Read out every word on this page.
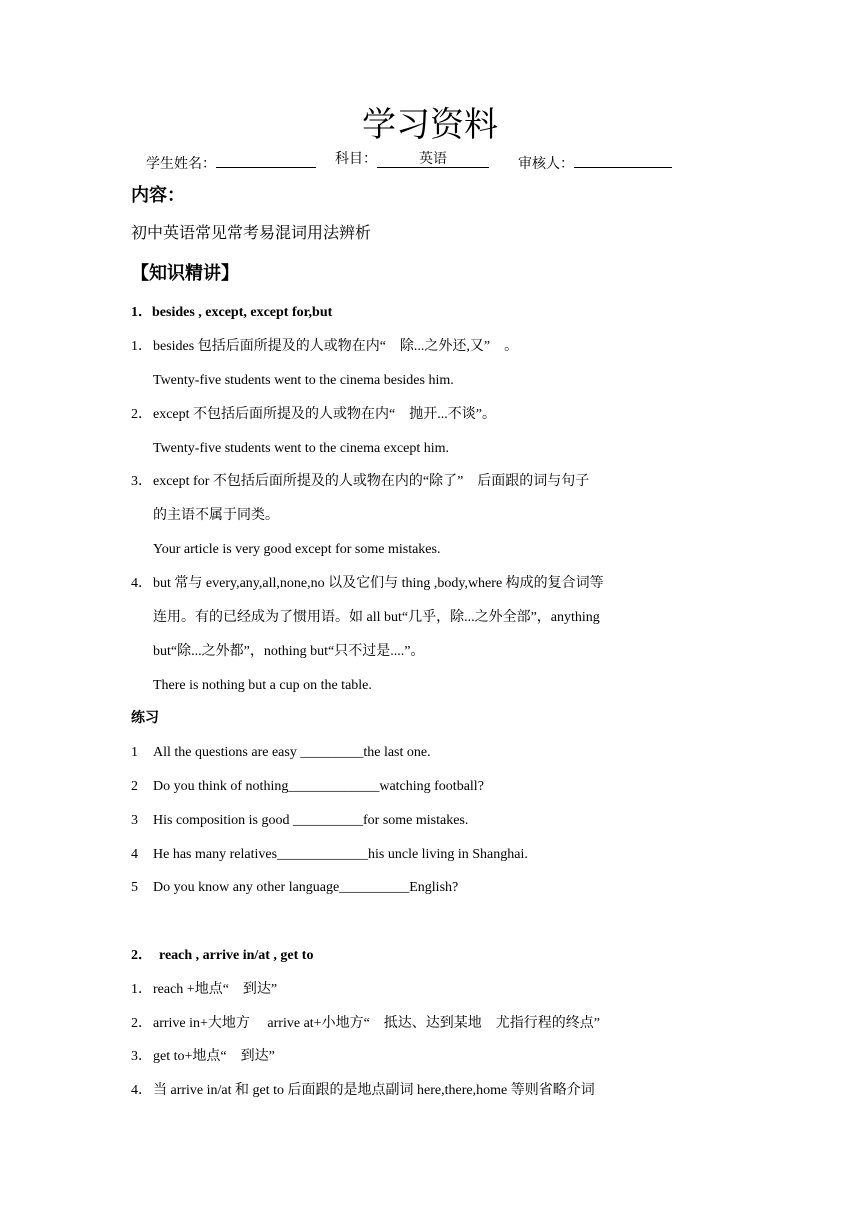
学习资料
学生姓名：	科目：	英语	审核人：
内容：
初中英语常见常考易混词用法辨析
【知识精讲】
1．besides , except, except for,but
1．besides 包括后面所提及的人或物在内“　除...之外还,又”　。
Twenty-five students went to the cinema besides him.
2．except 不包括后面所提及的人或物在内“　抛开...不谈”。
Twenty-five students went to the cinema except him.
3．except for 不包括后面所提及的人或物在内的“除了”　后面跟的词与句子
的主语不属于同类。
Your article is very good except for some mistakes.
4．but 常与 every,any,all,none,no 以及它们与 thing ,body,where 构成的复合词等
连用。有的已经成为了惯用语。如 all but“几乎，除...之外全部”，anything
but“除...之外都”，nothing but“只不过是....”。
There is nothing but a cup on the table.
练习
1 All the questions are easy _________the last one.
2 Do you think of nothing_____________watching football?
3 His composition is good __________for some mistakes.
4 He has many relatives_____________his uncle living in Shanghai.
5 Do you know any other language__________English?
2．　reach , arrive in/at , get to
1．reach +地点“　到达”
2．arrive in+大地方　 arrive at+小地方“　抵达、达到某地　尤指行程的终点”
3．get to+地点“　到达”
4．当 arrive in/at 和 get to 后面跟的是地点副词 here,there,home 等则省略介词
